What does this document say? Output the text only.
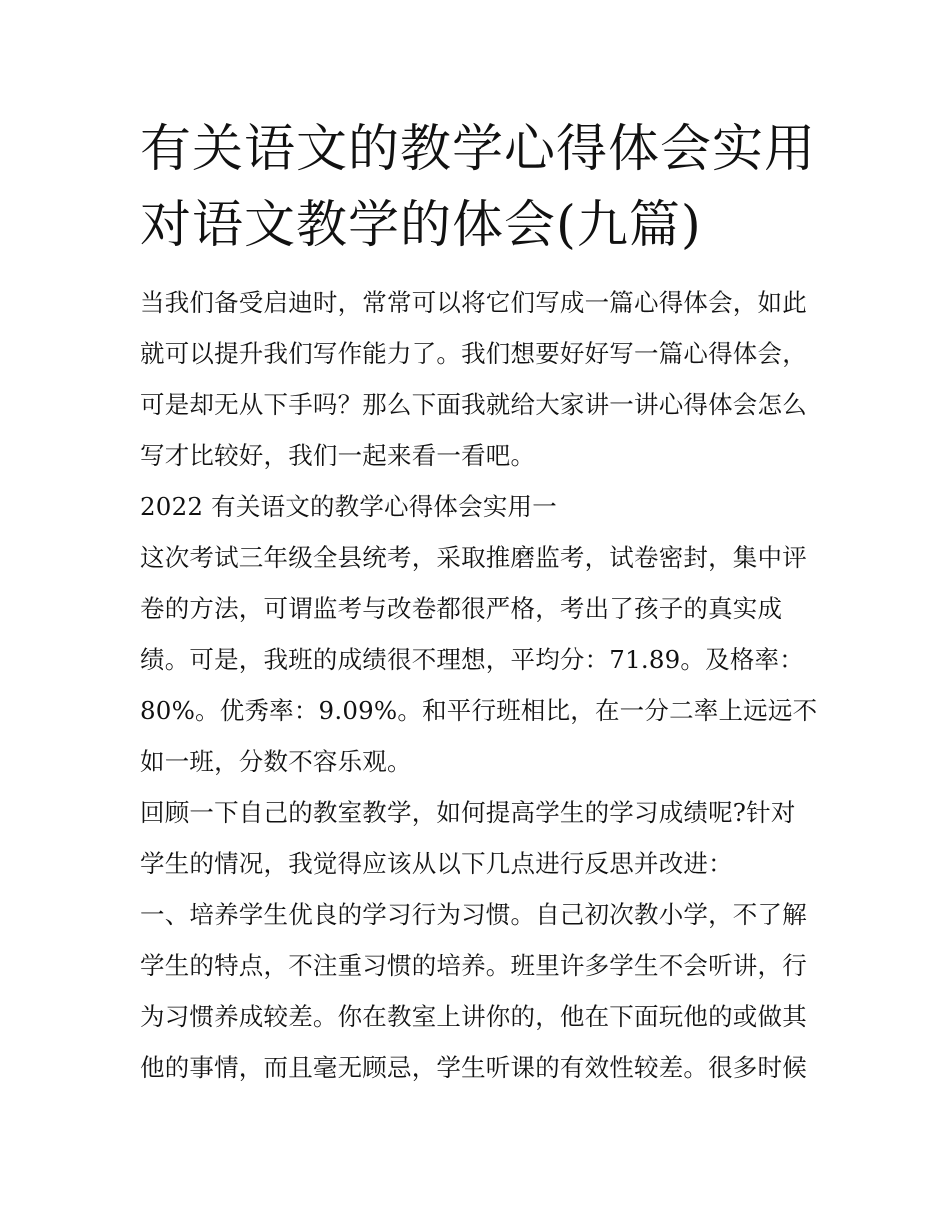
有关语文的教学心得体会实用
对语文教学的体会(九篇)

当我们备受启迪时，常常可以将它们写成一篇心得体会，如此
就可以提升我们写作能力了。我们想要好好写一篇心得体会，
可是却无从下手吗？那么下面我就给大家讲一讲心得体会怎么
写才比较好，我们一起来看一看吧。

2022 有关语文的教学心得体会实用一

这次考试三年级全县统考，采取推磨监考，试卷密封，集中评
卷的方法，可谓监考与改卷都很严格，考出了孩子的真实成
绩。可是，我班的成绩很不理想，平均分：71.89。及格率：
80%。优秀率：9.09%。和平行班相比，在一分二率上远远不
如一班，分数不容乐观。

回顾一下自己的教室教学，如何提高学生的学习成绩呢?针对
学生的情况，我觉得应该从以下几点进行反思并改进：

一、培养学生优良的学习行为习惯。自己初次教小学，不了解
学生的特点，不注重习惯的培养。班里许多学生不会听讲，行
为习惯养成较差。你在教室上讲你的，他在下面玩他的或做其
他的事情，而且毫无顾忌，学生听课的有效性较差。很多时候
